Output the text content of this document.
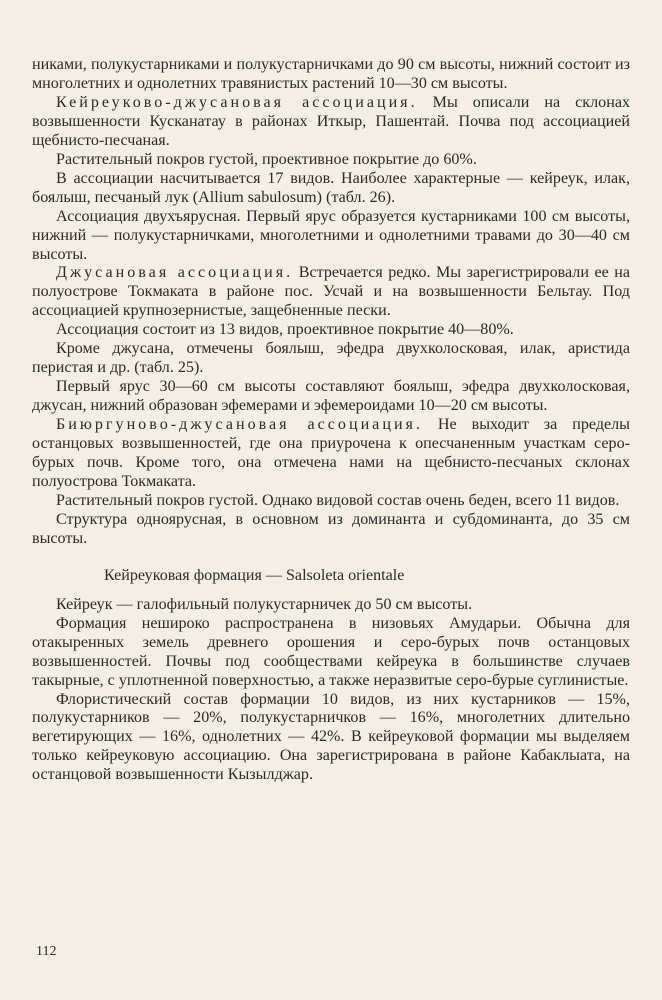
никами, полукустарниками и полукустарничками до 90 см высоты, нижний состоит из многолетних и однолетних травянистых растений 10—30 см высоты.

Кейреуково-джусановая ассоциация. Мы описали на склонах возвышенности Кусканатау в районах Иткыр, Пашентай. Почва под ассоциацией щебнисто-песчаная.

Растительный покров густой, проективное покрытие до 60%.

В ассоциации насчитывается 17 видов. Наиболее характерные — кейреук, илак, боялыш, песчаный лук (Allium sabulosum) (табл. 26).

Ассоциация двухъярусная. Первый ярус образуется кустарниками 100 см высоты, нижний — полукустарничками, многолетними и однолетними травами до 30—40 см высоты.

Джусановая ассоциация. Встречается редко. Мы зарегистрировали ее на полуострове Токмаката в районе пос. Усчай и на возвышенности Бельтау. Под ассоциацией крупнозернистые, защебненные пески.

Ассоциация состоит из 13 видов, проективное покрытие 40—80%.

Кроме джусана, отмечены боялыш, эфедра двухколосковая, илак, аристида перистая и др. (табл. 25).

Первый ярус 30—60 см высоты составляют боялыш, эфедра двухколосковая, джусан, нижний образован эфемерами и эфемероидами 10—20 см высоты.

Биюргуново-джусановая ассоциация. Не выходит за пределы останцовых возвышенностей, где она приурочена к опесчаненным участкам серо-бурых почв. Кроме того, она отмечена нами на щебнисто-песчаных склонах полуострова Токмаката.

Растительный покров густой. Однако видовой состав очень беден, всего 11 видов.

Структура одноярусная, в основном из доминанта и субдоминанта, до 35 см высоты.

Кейреуковая формация — Salsoleta orientale

Кейреук — галофильный полукустарничек до 50 см высоты.

Формация неширoко распространена в низовьях Амударьи. Обычна для отакыренных земель древнего орошения и серо-бурых почв останцовых возвышенностей. Почвы под сообществами кейреука в большинстве случаев такырные, с уплотненной поверхностью, а также неразвитые серо-бурые суглинистые.

Флористический состав формации 10 видов, из них кустарников — 15%, полукустарников — 20%, полукустарничков — 16%, многолетних длительно вегетирующих — 16%, однолетних — 42%. В кейреуковой формации мы выделяем только кейреуковую ассоциацию. Она зарегистрирована в районе Кабаклыата, на останцовой возвышенности Кызылджар.

112
